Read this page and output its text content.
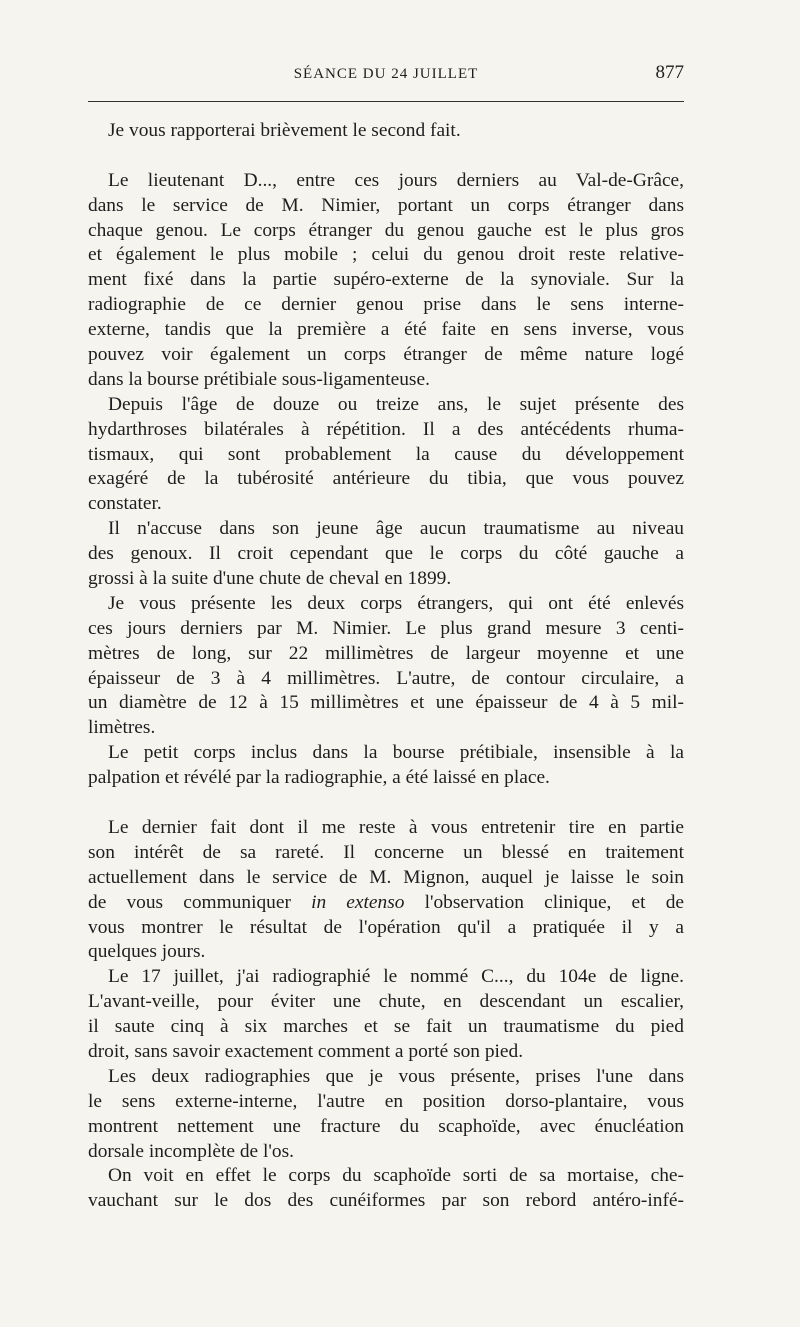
SÉANCE DU 24 JUILLET	877
Je vous rapporterai brièvement le second fait.
Le lieutenant D..., entre ces jours derniers au Val-de-Grâce,
dans le service de M. Nimier, portant un corps étranger dans
chaque genou. Le corps étranger du genou gauche est le plus gros
et également le plus mobile ; celui du genou droit reste relative-
ment fixé dans la partie supéro-externe de la synoviale. Sur la
radiographie de ce dernier genou prise dans le sens interne-
externe, tandis que la première a été faite en sens inverse, vous
pouvez voir également un corps étranger de même nature logé
dans la bourse prétibiale sous-ligamenteuse.
Depuis l'âge de douze ou treize ans, le sujet présente des
hydarthroses bilatérales à répétition. Il a des antécédents rhuma-
tismaux, qui sont probablement la cause du développement
exagéré de la tubérosité antérieure du tibia, que vous pouvez
constater.
Il n'accuse dans son jeune âge aucun traumatisme au niveau
des genoux. Il croit cependant que le corps du côté gauche a
grossi à la suite d'une chute de cheval en 1899.
Je vous présente les deux corps étrangers, qui ont été enlevés
ces jours derniers par M. Nimier. Le plus grand mesure 3 centi-
mètres de long, sur 22 millimètres de largeur moyenne et une
épaisseur de 3 à 4 millimètres. L'autre, de contour circulaire, a
un diamètre de 12 à 15 millimètres et une épaisseur de 4 à 5 mil-
limètres.
Le petit corps inclus dans la bourse prétibiale, insensible à la
palpation et révélé par la radiographie, a été laissé en place.
Le dernier fait dont il me reste à vous entretenir tire en partie
son intérêt de sa rareté. Il concerne un blessé en traitement
actuellement dans le service de M. Mignon, auquel je laisse le soin
de vous communiquer in extenso l'observation clinique, et de
vous montrer le résultat de l'opération qu'il a pratiquée il y a
quelques jours.
Le 17 juillet, j'ai radiographié le nommé C..., du 104e de ligne.
L'avant-veille, pour éviter une chute, en descendant un escalier,
il saute cinq à six marches et se fait un traumatisme du pied
droit, sans savoir exactement comment a porté son pied.
Les deux radiographies que je vous présente, prises l'une dans
le sens externe-interne, l'autre en position dorso-plantaire, vous
montrent nettement une fracture du scaphoïde, avec énucléation
dorsale incomplète de l'os.
On voit en effet le corps du scaphoïde sorti de sa mortaise, che-
vauchant sur le dos des cunéiformes par son rebord antéro-infé-
